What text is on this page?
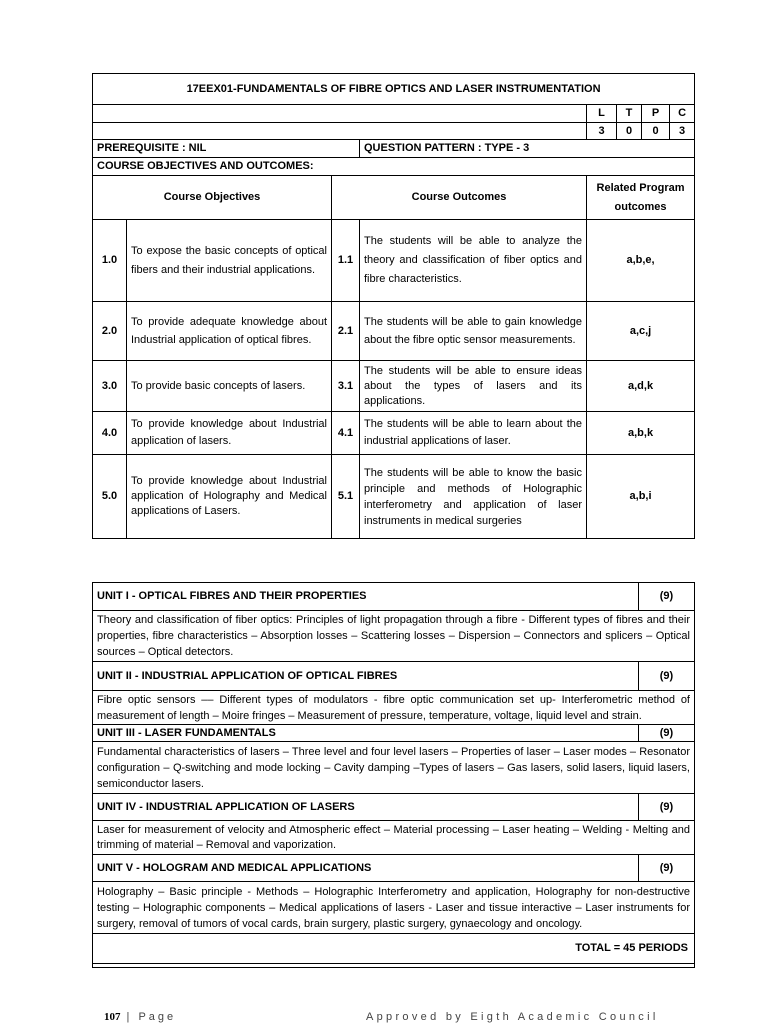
17EEX01-FUNDAMENTALS OF FIBRE OPTICS AND LASER INSTRUMENTATION							
				L	T	P	C
				3	0	0	3
PREREQUISITE : NIL			QUESTION PATTERN : TYPE - 3				
COURSE OBJECTIVES AND OUTCOMES:							
Course Objectives		Course Outcomes		Related Program outcomes			
1.0	To expose the basic concepts of optical fibers and their industrial applications.	1.1	The students will be able to analyze the theory and classification of fiber optics and fibre characteristics.	a,b,e,			
2.0	To provide adequate knowledge about Industrial application of optical fibres.	2.1	The students will be able to gain knowledge about the fibre optic sensor measurements.	a,c,j			
3.0	To provide basic concepts of lasers.	3.1	The students will be able to ensure ideas about the types of lasers and its applications.	a,d,k			
4.0	To provide knowledge about Industrial application of lasers.	4.1	The students will be able to learn about the industrial applications of laser.	a,b,k			
5.0	To provide knowledge about Industrial application of Holography and Medical applications of Lasers.	5.1	The students will be able to know the basic principle and methods of Holographic interferometry and application of laser instruments in medical surgeries	a,b,i			
UNIT I - OPTICAL FIBRES AND THEIR PROPERTIES	(9)
Theory and classification of fiber optics: Principles of light propagation through a fibre - Different types of fibres and their properties, fibre characteristics – Absorption losses – Scattering losses – Dispersion – Connectors and splicers – Optical sources – Optical detectors.	
UNIT II - INDUSTRIAL APPLICATION OF OPTICAL FIBRES	(9)
Fibre optic sensors –– Different types of modulators - fibre optic communication set up- Interferometric method of measurement of length – Moire fringes – Measurement of pressure, temperature, voltage, liquid level and strain.	
UNIT III - LASER FUNDAMENTALS	(9)
Fundamental characteristics of lasers – Three level and four level lasers – Properties of laser – Laser modes – Resonator configuration – Q-switching and mode locking – Cavity damping –Types of lasers – Gas lasers, solid lasers, liquid lasers, semiconductor lasers.	
UNIT IV - INDUSTRIAL APPLICATION OF LASERS	(9)
Laser for measurement of velocity and Atmospheric effect – Material processing – Laser heating – Welding - Melting and trimming of material – Removal and vaporization.	
UNIT V - HOLOGRAM AND MEDICAL APPLICATIONS	(9)
Holography – Basic principle - Methods – Holographic Interferometry and application, Holography for non-destructive testing – Holographic components – Medical applications of lasers - Laser and tissue interactive – Laser instruments for surgery, removal of tumors of vocal cards, brain surgery, plastic surgery, gynaecology and oncology.	
TOTAL = 45 PERIODS	

107 | Page	Approved by Eigth Academic Council
